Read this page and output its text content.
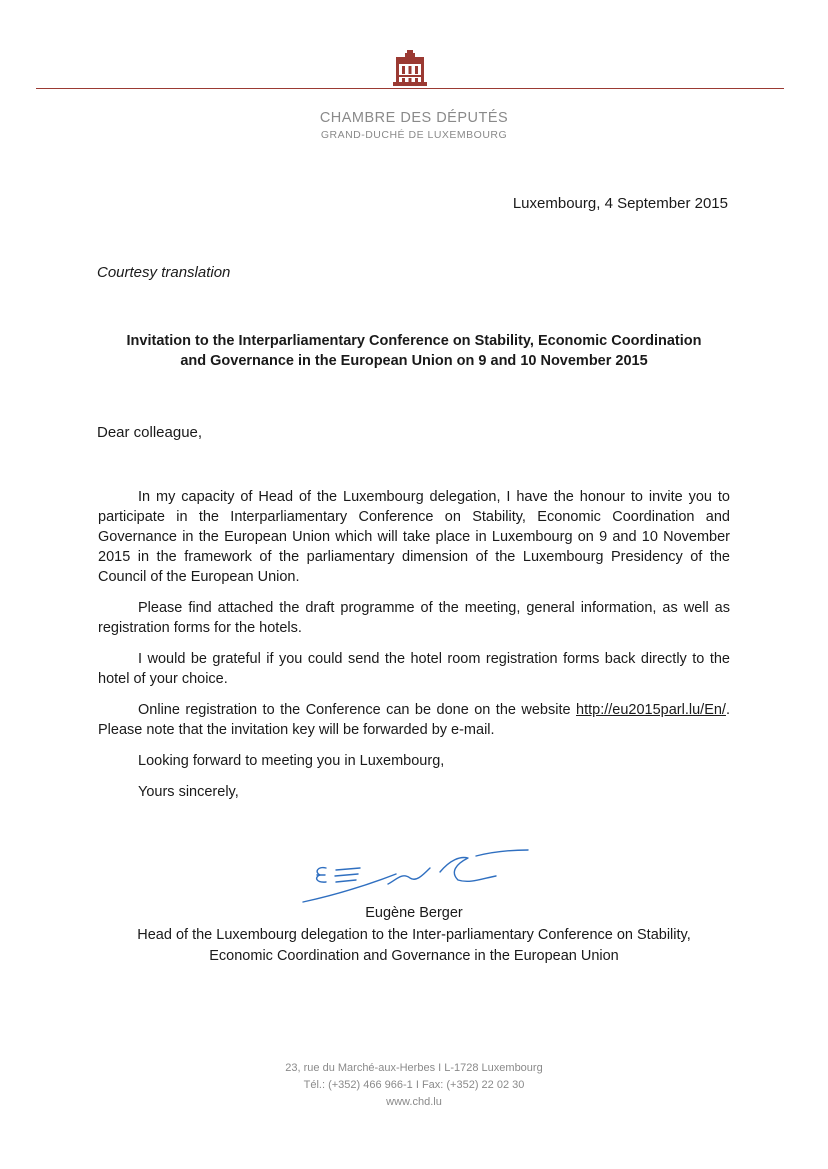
CHAMBRE DES DÉPUTÉS
GRAND-DUCHÉ DE LUXEMBOURG
Luxembourg, 4 September 2015
Courtesy translation
Invitation to the Interparliamentary Conference on Stability, Economic Coordination
and Governance in the European Union on 9 and 10 November 2015
Dear colleague,

In my capacity of Head of the Luxembourg delegation, I have the honour to invite you to participate in the Interparliamentary Conference on Stability, Economic Coordination and Governance in the European Union which will take place in Luxembourg on 9 and 10 November 2015 in the framework of the parliamentary dimension of the Luxembourg Presidency of the Council of the European Union.

Please find attached the draft programme of the meeting, general information, as well as registration forms for the hotels.

I would be grateful if you could send the hotel room registration forms back directly to the hotel of your choice.

Online registration to the Conference can be done on the website http://eu2015parl.lu/En/. Please note that the invitation key will be forwarded by e-mail.

Looking forward to meeting you in Luxembourg,

Yours sincerely,

Eugène Berger
Head of the Luxembourg delegation to the Inter-parliamentary Conference on Stability,
Economic Coordination and Governance in the European Union
23, rue du Marché-aux-Herbes I L-1728 Luxembourg
Tél.: (+352) 466 966-1 I Fax: (+352) 22 02 30
www.chd.lu
